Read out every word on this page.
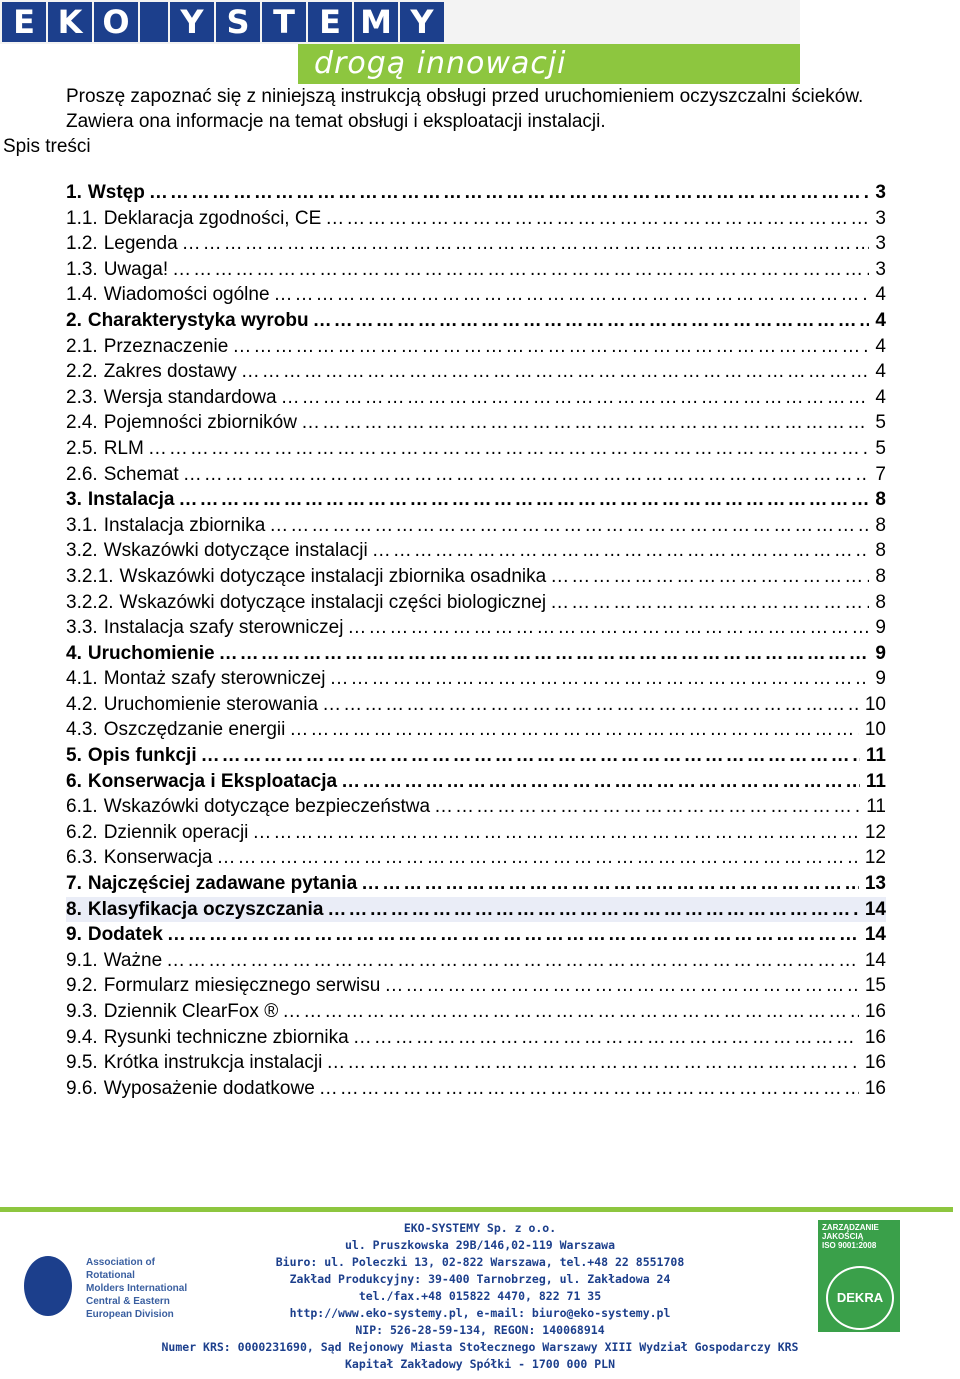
E K O	Y S T E M Y
drogą innowacji
Proszę zapoznać się z niniejszą instrukcją obsługi przed uruchomieniem oczyszczalni ścieków.
Zawiera ona informacje na temat obsługi i eksploatacji instalacji.
Spis treści
1. Wstęp ………………………………………………………………………………………………………………………………………………	3
1.1. Deklaracja zgodności, CE ………………………………………………………………………………………………………………………………………………	3
1.2. Legenda ………………………………………………………………………………………………………………………………………………	3
1.3. Uwaga! ………………………………………………………………………………………………………………………………………………	3
1.4. Wiadomości ogólne ………………………………………………………………………………………………………………………………………………	4
2. Charakterystyka wyrobu ………………………………………………………………………………………………………………………………………………	4
2.1. Przeznaczenie ………………………………………………………………………………………………………………………………………………	4
2.2. Zakres dostawy ………………………………………………………………………………………………………………………………………………	4
2.3. Wersja standardowa ………………………………………………………………………………………………………………………………………………	4
2.4. Pojemności zbiorników ………………………………………………………………………………………………………………………………………………	5
2.5. RLM ………………………………………………………………………………………………………………………………………………	5
2.6. Schemat ………………………………………………………………………………………………………………………………………………	7
3. Instalacja ………………………………………………………………………………………………………………………………………………	8
3.1. Instalacja zbiornika ………………………………………………………………………………………………………………………………………………	8
3.2. Wskazówki dotyczące instalacji ………………………………………………………………………………………………………………………………………………	8
3.2.1. Wskazówki dotyczące instalacji zbiornika osadnika ………………………………………………………………………………………………………………………………………………	8
3.2.2. Wskazówki dotyczące instalacji części biologicznej ………………………………………………………………………………………………………………………………………………	8
3.3. Instalacja szafy sterowniczej ………………………………………………………………………………………………………………………………………………	9
4. Uruchomienie ………………………………………………………………………………………………………………………………………………	9
4.1. Montaż szafy sterowniczej ………………………………………………………………………………………………………………………………………………	9
4.2. Uruchomienie sterowania ………………………………………………………………………………………………………………………………………………	10
4.3. Oszczędzanie energii ………………………………………………………………………………………………………………………………………………	10
5. Opis funkcji ………………………………………………………………………………………………………………………………………………	11
6. Konserwacja i Eksploatacja ………………………………………………………………………………………………………………………………………………	11
6.1. Wskazówki dotyczące bezpieczeństwa ………………………………………………………………………………………………………………………………………………	11
6.2. Dziennik operacji ………………………………………………………………………………………………………………………………………………	12
6.3. Konserwacja ………………………………………………………………………………………………………………………………………………	12
7. Najczęściej zadawane pytania ………………………………………………………………………………………………………………………………………………	13
8. Klasyfikacja oczyszczania ………………………………………………………………………………………………………………………………………………	14
9. Dodatek ………………………………………………………………………………………………………………………………………………	14
9.1. Ważne ………………………………………………………………………………………………………………………………………………	14
9.2. Formularz miesięcznego serwisu ………………………………………………………………………………………………………………………………………………	15
9.3. Dziennik ClearFox ® ………………………………………………………………………………………………………………………………………………	16
9.4. Rysunki techniczne zbiornika ………………………………………………………………………………………………………………………………………………	16
9.5. Krótka instrukcja instalacji ………………………………………………………………………………………………………………………………………………	16
9.6. Wyposażenie dodatkowe ………………………………………………………………………………………………………………………………………………	16
Association of Rotational
Molders International
Central & Eastern
European Division
EKO-SYSTEMY Sp. z o.o.
ul. Pruszkowska 29B/146,02-119 Warszawa
Biuro: ul. Poleczki 13, 02-822 Warszawa, tel.+48 22 8551708
Zakład Produkcyjny: 39-400 Tarnobrzeg, ul. Zakładowa 24
tel./fax.+48 015822 4470, 822 71 35
http://www.eko-systemy.pl, e-mail: biuro@eko-systemy.pl
NIP: 526-28-59-134, REGON: 140068914
Numer KRS: 0000231690, Sąd Rejonowy Miasta Stołecznego Warszawy XIII Wydział Gospodarczy KRS
Kapitał Zakładowy Spółki - 1700 000 PLN
ZARZĄDZANIE
JAKOŚCIĄ
ISO 9001:2008
DEKRA
